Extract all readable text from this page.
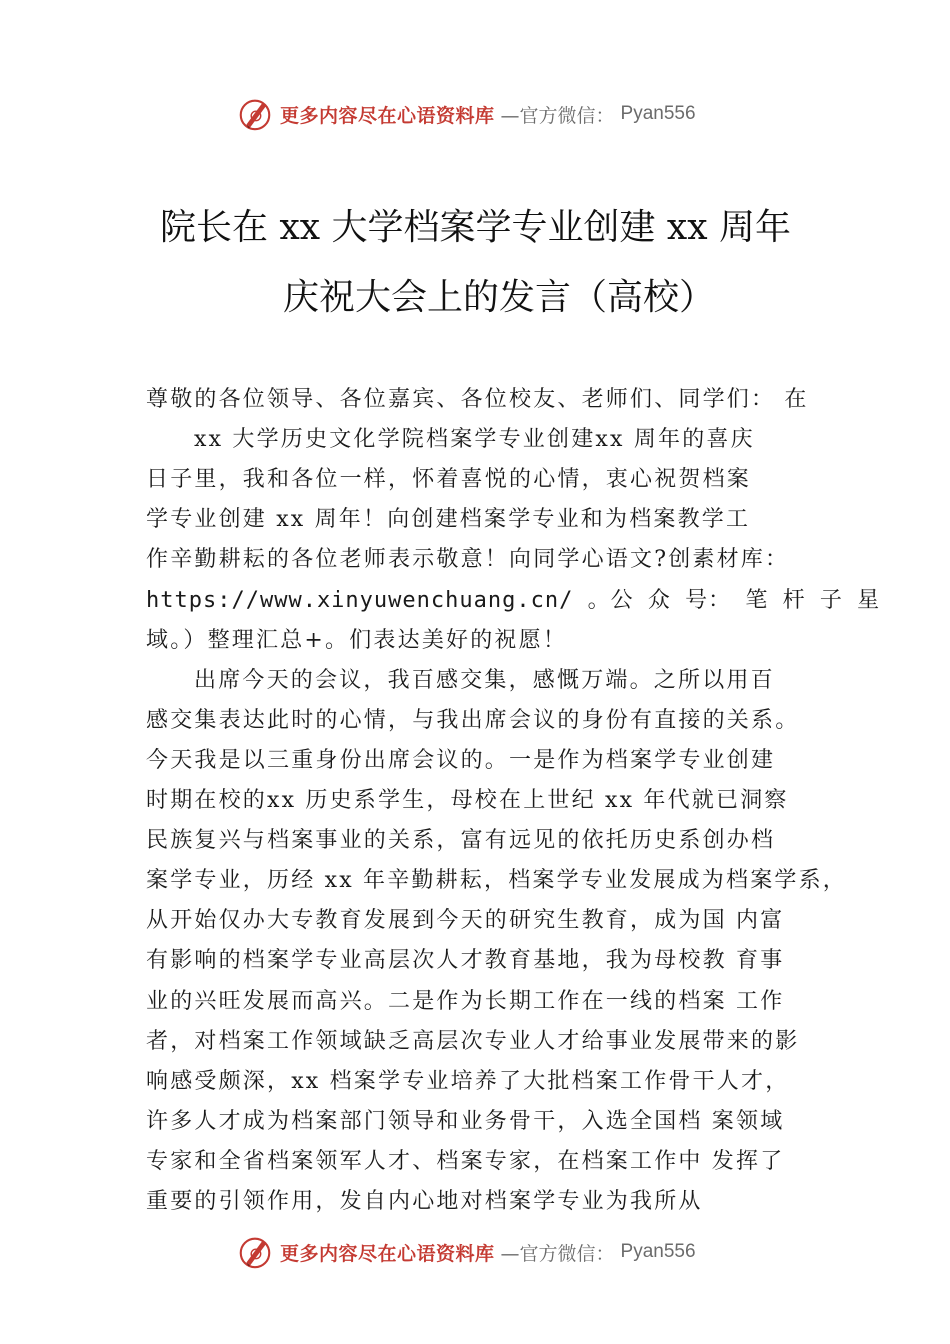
更多内容尽在心语资料库 —官方微信： Pyan556
院长在 xx 大学档案学专业创建 xx 周年
庆祝大会上的发言（高校）
尊敬的各位领导、各位嘉宾、各位校友、老师们、同学们： 在
xx 大学历史文化学院档案学专业创建xx 周年的喜庆
日子里，我和各位一样，怀着喜悦的心情，衷心祝贺档案
学专业创建 xx 周年！向创建档案学专业和为档案教学工
作辛勤耕耘的各位老师表示敬意！向同学心语文?创素材库：
https://www.xinyuwenchuang.cn/ 。公 众 号： 笔 杆 子 星
域。）整理汇总+。们表达美好的祝愿！
出席今天的会议，我百感交集，感慨万端。之所以用百
感交集表达此时的心情，与我出席会议的身份有直接的关系。
今天我是以三重身份出席会议的。一是作为档案学专业创建
时期在校的xx 历史系学生，母校在上世纪 xx 年代就已洞察
民族复兴与档案事业的关系，富有远见的依托历史系创办档
案学专业，历经 xx 年辛勤耕耘，档案学专业发展成为档案学系，
从开始仅办大专教育发展到今天的研究生教育，成为国 内富
有影响的档案学专业高层次人才教育基地，我为母校教 育事
业的兴旺发展而高兴。二是作为长期工作在一线的档案 工作
者，对档案工作领域缺乏高层次专业人才给事业发展带来的影
响感受颇深，xx 档案学专业培养了大批档案工作骨干人才，
许多人才成为档案部门领导和业务骨干，入选全国档 案领域
专家和全省档案领军人才、档案专家，在档案工作中 发挥了
重要的引领作用，发自内心地对档案学专业为我所从
更多内容尽在心语资料库 —官方微信： Pyan556
